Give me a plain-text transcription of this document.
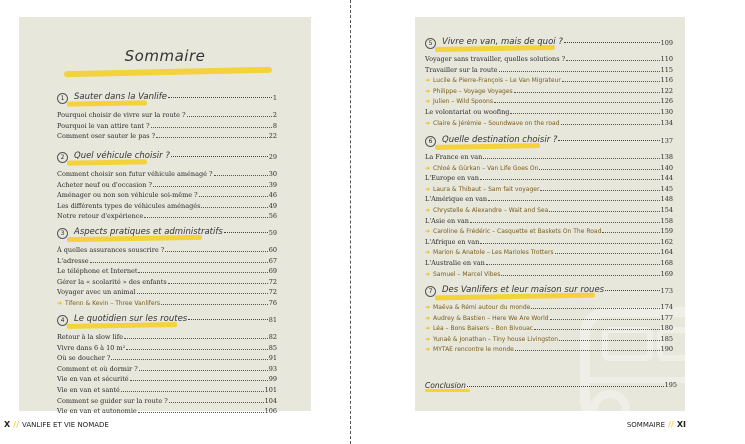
Sommaire
1	Sauter dans la Vanlife	1
Pourquoi choisir de vivre sur la route ?	2
Pourquoi le van attire tant ?	8
Comment oser sauter le pas ?	22
2	Quel véhicule choisir ?	29
Comment choisir son futur véhicule aménagé ?	30
Acheter neuf ou d'occasion ?	39
Aménager ou non son véhicule soi-même ?	46
Les différents types de véhicules aménagés	49
Notre retour d'expérience	56
3	Aspects pratiques et administratifs	59
À quelles assurances souscrire ?	60
L'adresse	67
Le téléphone et Internet	69
Gérer la « scolarité » des enfants	72
Voyager avec un animal	72
➜ Tifenn & Kevin – Three Vanlifers	76
4	Le quotidien sur les routes	81
Retour à la slow life	82
Vivre dans 6 à 10 m²	85
Où se doucher ?	91
Comment et où dormir ?	93
Vie en van et sécurité	99
Vie en van et santé	101
Comment se guider sur la route ?	104
Vie en van et autonomie	106
5	Vivre en van, mais de quoi ?	109
Voyager sans travailler, quelles solutions ?	110
Travailler sur la route	115
➜ Lucile & Pierre-François – Le Van Migrateur	116
➜ Philippe – Voyage Voyages	122
➜ Julien – Wild Spoons	126
Le volontariat ou woofing	130
➜ Claire & Jérémie – Soundwave on the road	134
6	Quelle destination choisir ?	137
La France en van	138
➜ Chloé & Gürkan – Van Life Goes On	140
L'Europe en van	144
➜ Laura & Thibaut – Sam fait voyager	145
L'Amérique en van	148
➜ Chrystelle & Alexandre – Wait and Sea	154
L'Asie en van	158
➜ Caroline & Frédéric – Casquette et Baskets On The Road	159
L'Afrique en van	162
➜ Marion & Anatole – Les Marioles Trotters	164
L'Australie en van	168
➜ Samuel – Marcel Vibes	169
7	Des Vanlifers et leur maison sur roues	173
➜ Maëva & Rémi autour du monde	174
➜ Audrey & Bastien – Here We Are World	177
➜ Léa – Bons Baisers – Bon Bivouac	180
➜ Yunaë & Jonathan – Tiny house Livingston	185
➜ MYTAE rencontre le monde	190
Conclusion	195
X // VANLIFE ET VIE NOMADE	SOMMAIRE // XI
